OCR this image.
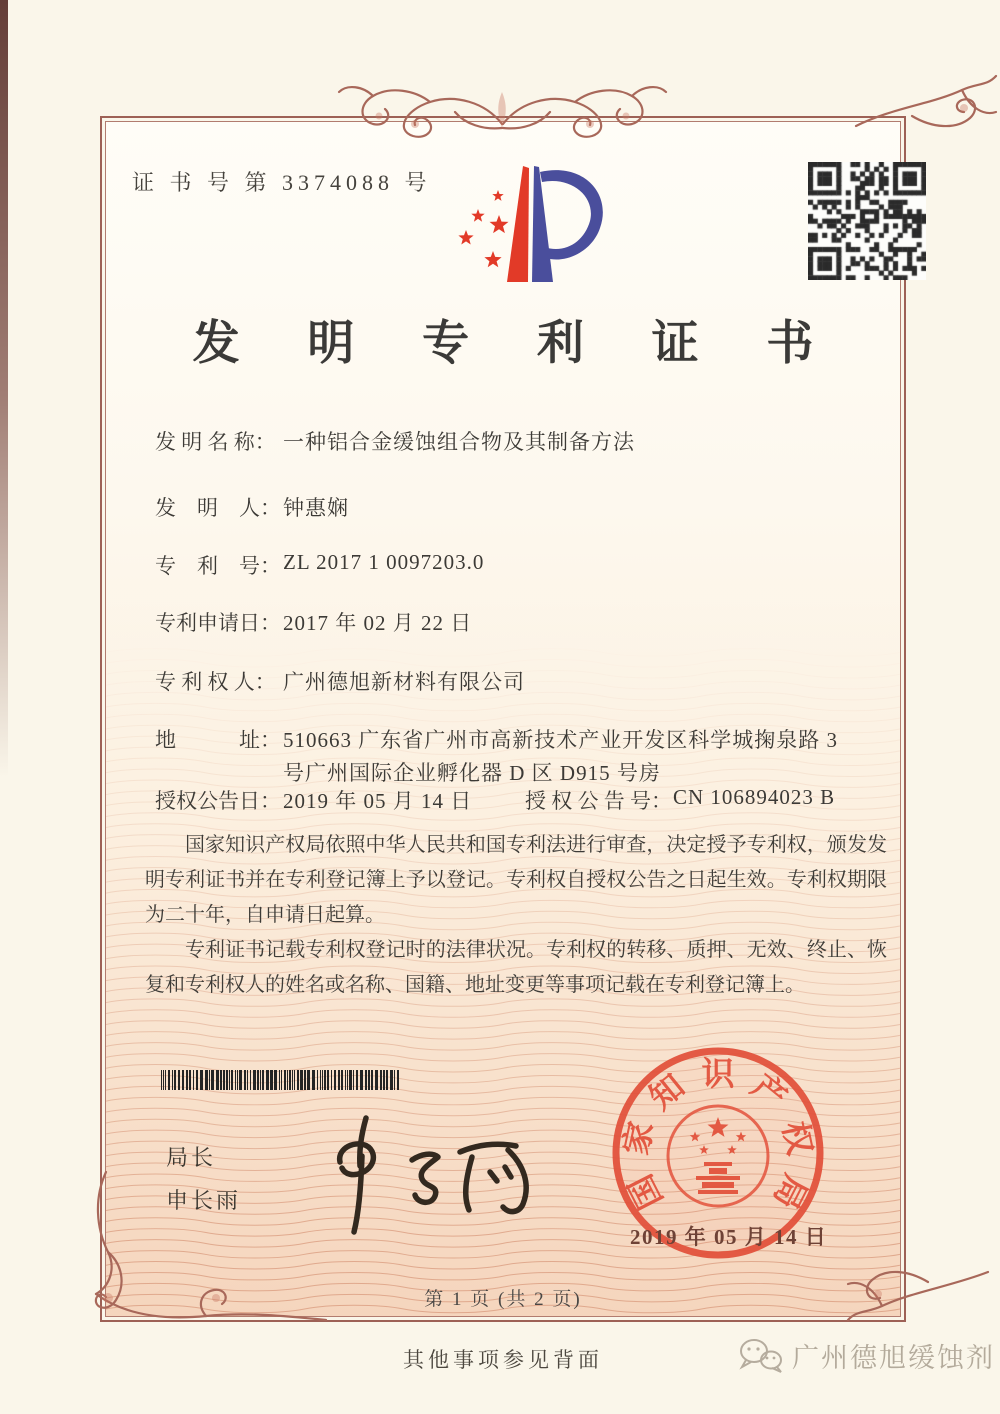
证 书 号 第 3374088 号
发 明 专 利 证 书
发 明 名 称： 一种铝合金缓蚀组合物及其制备方法
发　明　人： 钟惠娴
专　利　号： ZL 2017 1 0097203.0
专利申请日： 2017 年 02 月 22 日
专 利 权 人： 广州德旭新材料有限公司
地　　　址： 510663 广东省广州市高新技术产业开发区科学城掬泉路 3
号广州国际企业孵化器 D 区 D915 号房
授权公告日： 2019 年 05 月 14 日	授 权 公 告 号： CN 106894023 B

国家知识产权局依照中华人民共和国专利法进行审查，决定授予专利权，颁发发明专利证书并在专利登记簿上予以登记。专利权自授权公告之日起生效。专利权期限为二十年，自申请日起算。

专利证书记载专利权登记时的法律状况。专利权的转移、质押、无效、终止、恢复和专利权人的姓名或名称、国籍、地址变更等事项记载在专利登记簿上。

局长
申长雨	国
家
知 识 产
权
局
2019 年 05 月 14 日
第 1 页 (共 2 页)
其他事项参见背面	广州德旭缓蚀剂
